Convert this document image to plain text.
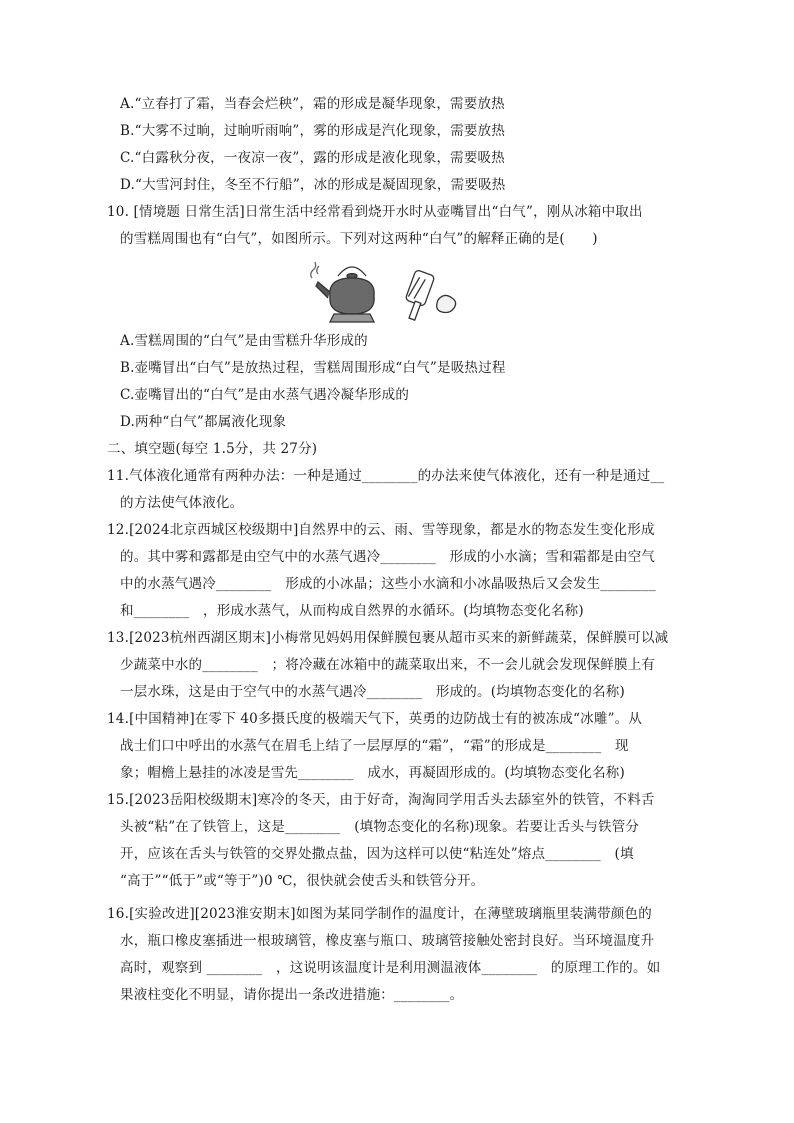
A.“立春打了霜，当春会烂秧”，霜的形成是凝华现象，需要放热
B.“大雾不过晌，过晌听雨响”，雾的形成是汽化现象，需要放热
C.“白露秋分夜，一夜凉一夜”，露的形成是液化现象，需要吸热
D.“大雪河封住，冬至不行船”，冰的形成是凝固现象，需要吸热
10. [情境题 日常生活]日常生活中经常看到烧开水时从壶嘴冒出“白气”，刚从冰箱中取出
的雪糕周围也有“白气”，如图所示。下列对这两种“白气”的解释正确的是(　　)
A.雪糕周围的“白气”是由雪糕升华形成的
B.壶嘴冒出“白气”是放热过程，雪糕周围形成“白气”是吸热过程
C.壶嘴冒出的“白气”是由水蒸气遇冷凝华形成的
D.两种“白气”都属液化现象
二、填空题(每空 1.5分，共 27分)
11.气体液化通常有两种办法：一种是通过________的办法来使气体液化，还有一种是通过__
的方法使气体液化。
12.[2024北京西城区校级期中]自然界中的云、雨、雪等现象，都是水的物态发生变化形成
的。其中雾和露都是由空气中的水蒸气遇冷________　形成的小水滴；雪和霜都是由空气
中的水蒸气遇冷________　形成的小冰晶；这些小水滴和小冰晶吸热后又会发生________
和________　，形成水蒸气，从而构成自然界的水循环。(均填物态变化名称)
13.[2023杭州西湖区期末]小梅常见妈妈用保鲜膜包裹从超市买来的新鲜蔬菜，保鲜膜可以减
少蔬菜中水的________　；将冷藏在冰箱中的蔬菜取出来，不一会儿就会发现保鲜膜上有
一层水珠，这是由于空气中的水蒸气遇冷________　形成的。(均填物态变化的名称)
14.[中国精神]在零下 40多摄氏度的极端天气下，英勇的边防战士有的被冻成“冰雕”。从
战士们口中呼出的水蒸气在眉毛上结了一层厚厚的“霜”，“霜”的形成是________　现
象；帽檐上悬挂的冰凌是雪先________　成水，再凝固形成的。(均填物态变化名称)
15.[2023岳阳校级期末]寒冷的冬天，由于好奇，淘淘同学用舌头去舔室外的铁管，不料舌
头被“粘”在了铁管上，这是________　(填物态变化的名称)现象。若要让舌头与铁管分
开，应该在舌头与铁管的交界处撒点盐，因为这样可以使“粘连处”熔点________　(填
“高于”“低于”或“等于”)0 ℃，很快就会使舌头和铁管分开。
16.[实验改进][2023淮安期末]如图为某同学制作的温度计，在薄壁玻璃瓶里装满带颜色的
水，瓶口橡皮塞插进一根玻璃管，橡皮塞与瓶口、玻璃管接触处密封良好。当环境温度升
高时，观察到 ________　，这说明该温度计是利用测温液体________　的原理工作的。如
果液柱变化不明显，请你提出一条改进措施：________。
